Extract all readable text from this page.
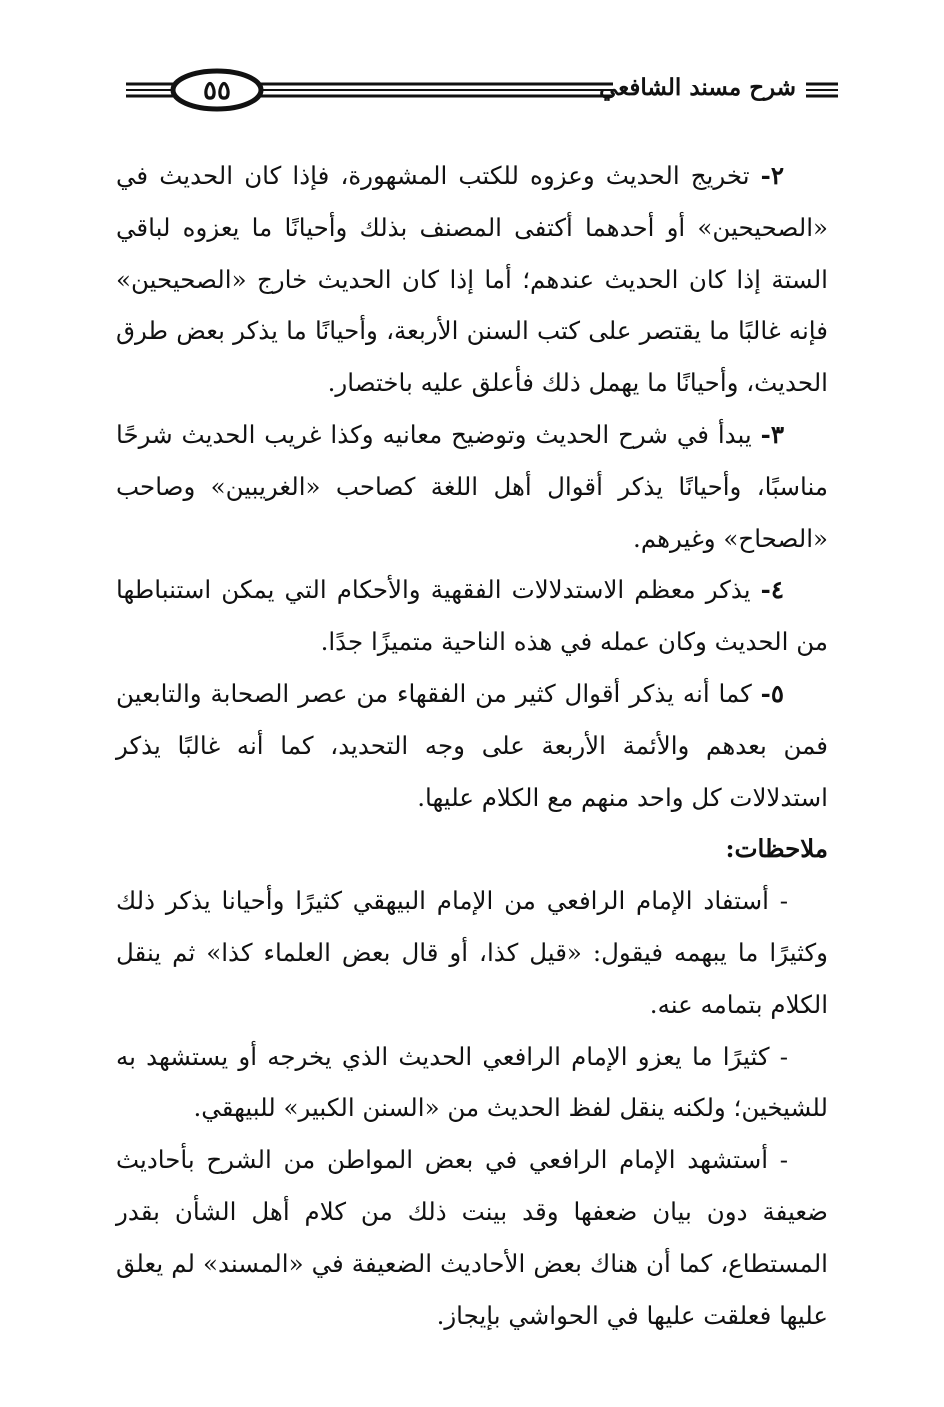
شرح مسند الشافعي
٥٥

٢- تخريج الحديث وعزوه للكتب المشهورة، فإذا كان الحديث في «الصحيحين» أو أحدهما أكتفى المصنف بذلك وأحيانًا ما يعزوه لباقي الستة إذا كان الحديث عندهم؛ أما إذا كان الحديث خارج «الصحيحين» فإنه غالبًا ما يقتصر على كتب السنن الأربعة، وأحيانًا ما يذكر بعض طرق الحديث، وأحيانًا ما يهمل ذلك فأعلق عليه باختصار.

٣- يبدأ في شرح الحديث وتوضيح معانيه وكذا غريب الحديث شرحًا مناسبًا، وأحيانًا يذكر أقوال أهل اللغة كصاحب «الغريبين» وصاحب «الصحاح» وغيرهم.

٤- يذكر معظم الاستدلالات الفقهية والأحكام التي يمكن استنباطها من الحديث وكان عمله في هذه الناحية متميزًا جدًا.

٥- كما أنه يذكر أقوال كثير من الفقهاء من عصر الصحابة والتابعين فمن بعدهم والأئمة الأربعة على وجه التحديد، كما أنه غالبًا يذكر استدلالات كل واحد منهم مع الكلام عليها.

ملاحظات:

- أستفاد الإمام الرافعي من الإمام البيهقي كثيرًا وأحيانا يذكر ذلك وكثيرًا ما يبهمه فيقول: «قيل كذا، أو قال بعض العلماء كذا» ثم ينقل الكلام بتمامه عنه.

- كثيرًا ما يعزو الإمام الرافعي الحديث الذي يخرجه أو يستشهد به للشيخين؛ ولكنه ينقل لفظ الحديث من «السنن الكبير» للبيهقي.

- أستشهد الإمام الرافعي في بعض المواطن من الشرح بأحاديث ضعيفة دون بيان ضعفها وقد بينت ذلك من كلام أهل الشأن بقدر المستطاع، كما أن هناك بعض الأحاديث الضعيفة في «المسند» لم يعلق عليها فعلقت عليها في الحواشي بإيجاز.
